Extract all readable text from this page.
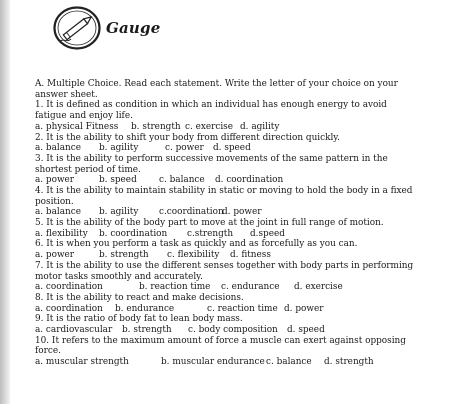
Gauge
A. Multiple Choice. Read each statement. Write the letter of your choice on your
answer sheet.
1. It is defined as condition in which an individual has enough energy to avoid
fatigue and enjoy life.
a. physical Fitness b. strength c. exercise d. agility
2. It is the ability to shift your body from different direction quickly.
a. balance b. agility	c. power d. speed
3. It is the ability to perform successive movements of the same pattern in the
shortest period of time.
a. power	b. speed	c. balance d. coordination
4. It is the ability to maintain stability in static or moving to hold the body in a fixed
position.
a. balance b. agility c.coordination
d. power
5. It is the ability of the body part to move at the joint in full range of motion.
a. flexibility b. coordination c.strength d.speed
6. It is when you perform a task as quickly and as forcefully as you can.
a. power	b. strength c. flexibility d. fitness
7. It is the ability to use the different senses together with body parts in performing
motor tasks smoothly and accurately.
a. coordination	b. reaction time c. endurance d. exercise
8. It is the ability to react and make decisions.
a. coordination b. endurance	c. reaction time d. power
9. It is the ratio of body fat to lean body mass.
a. cardiovascular b. strength c. body composition d. speed
10. It refers to the maximum amount of force a muscle can exert against opposing
force.
a. muscular strength	b. muscular endurance c. balance d. strength
